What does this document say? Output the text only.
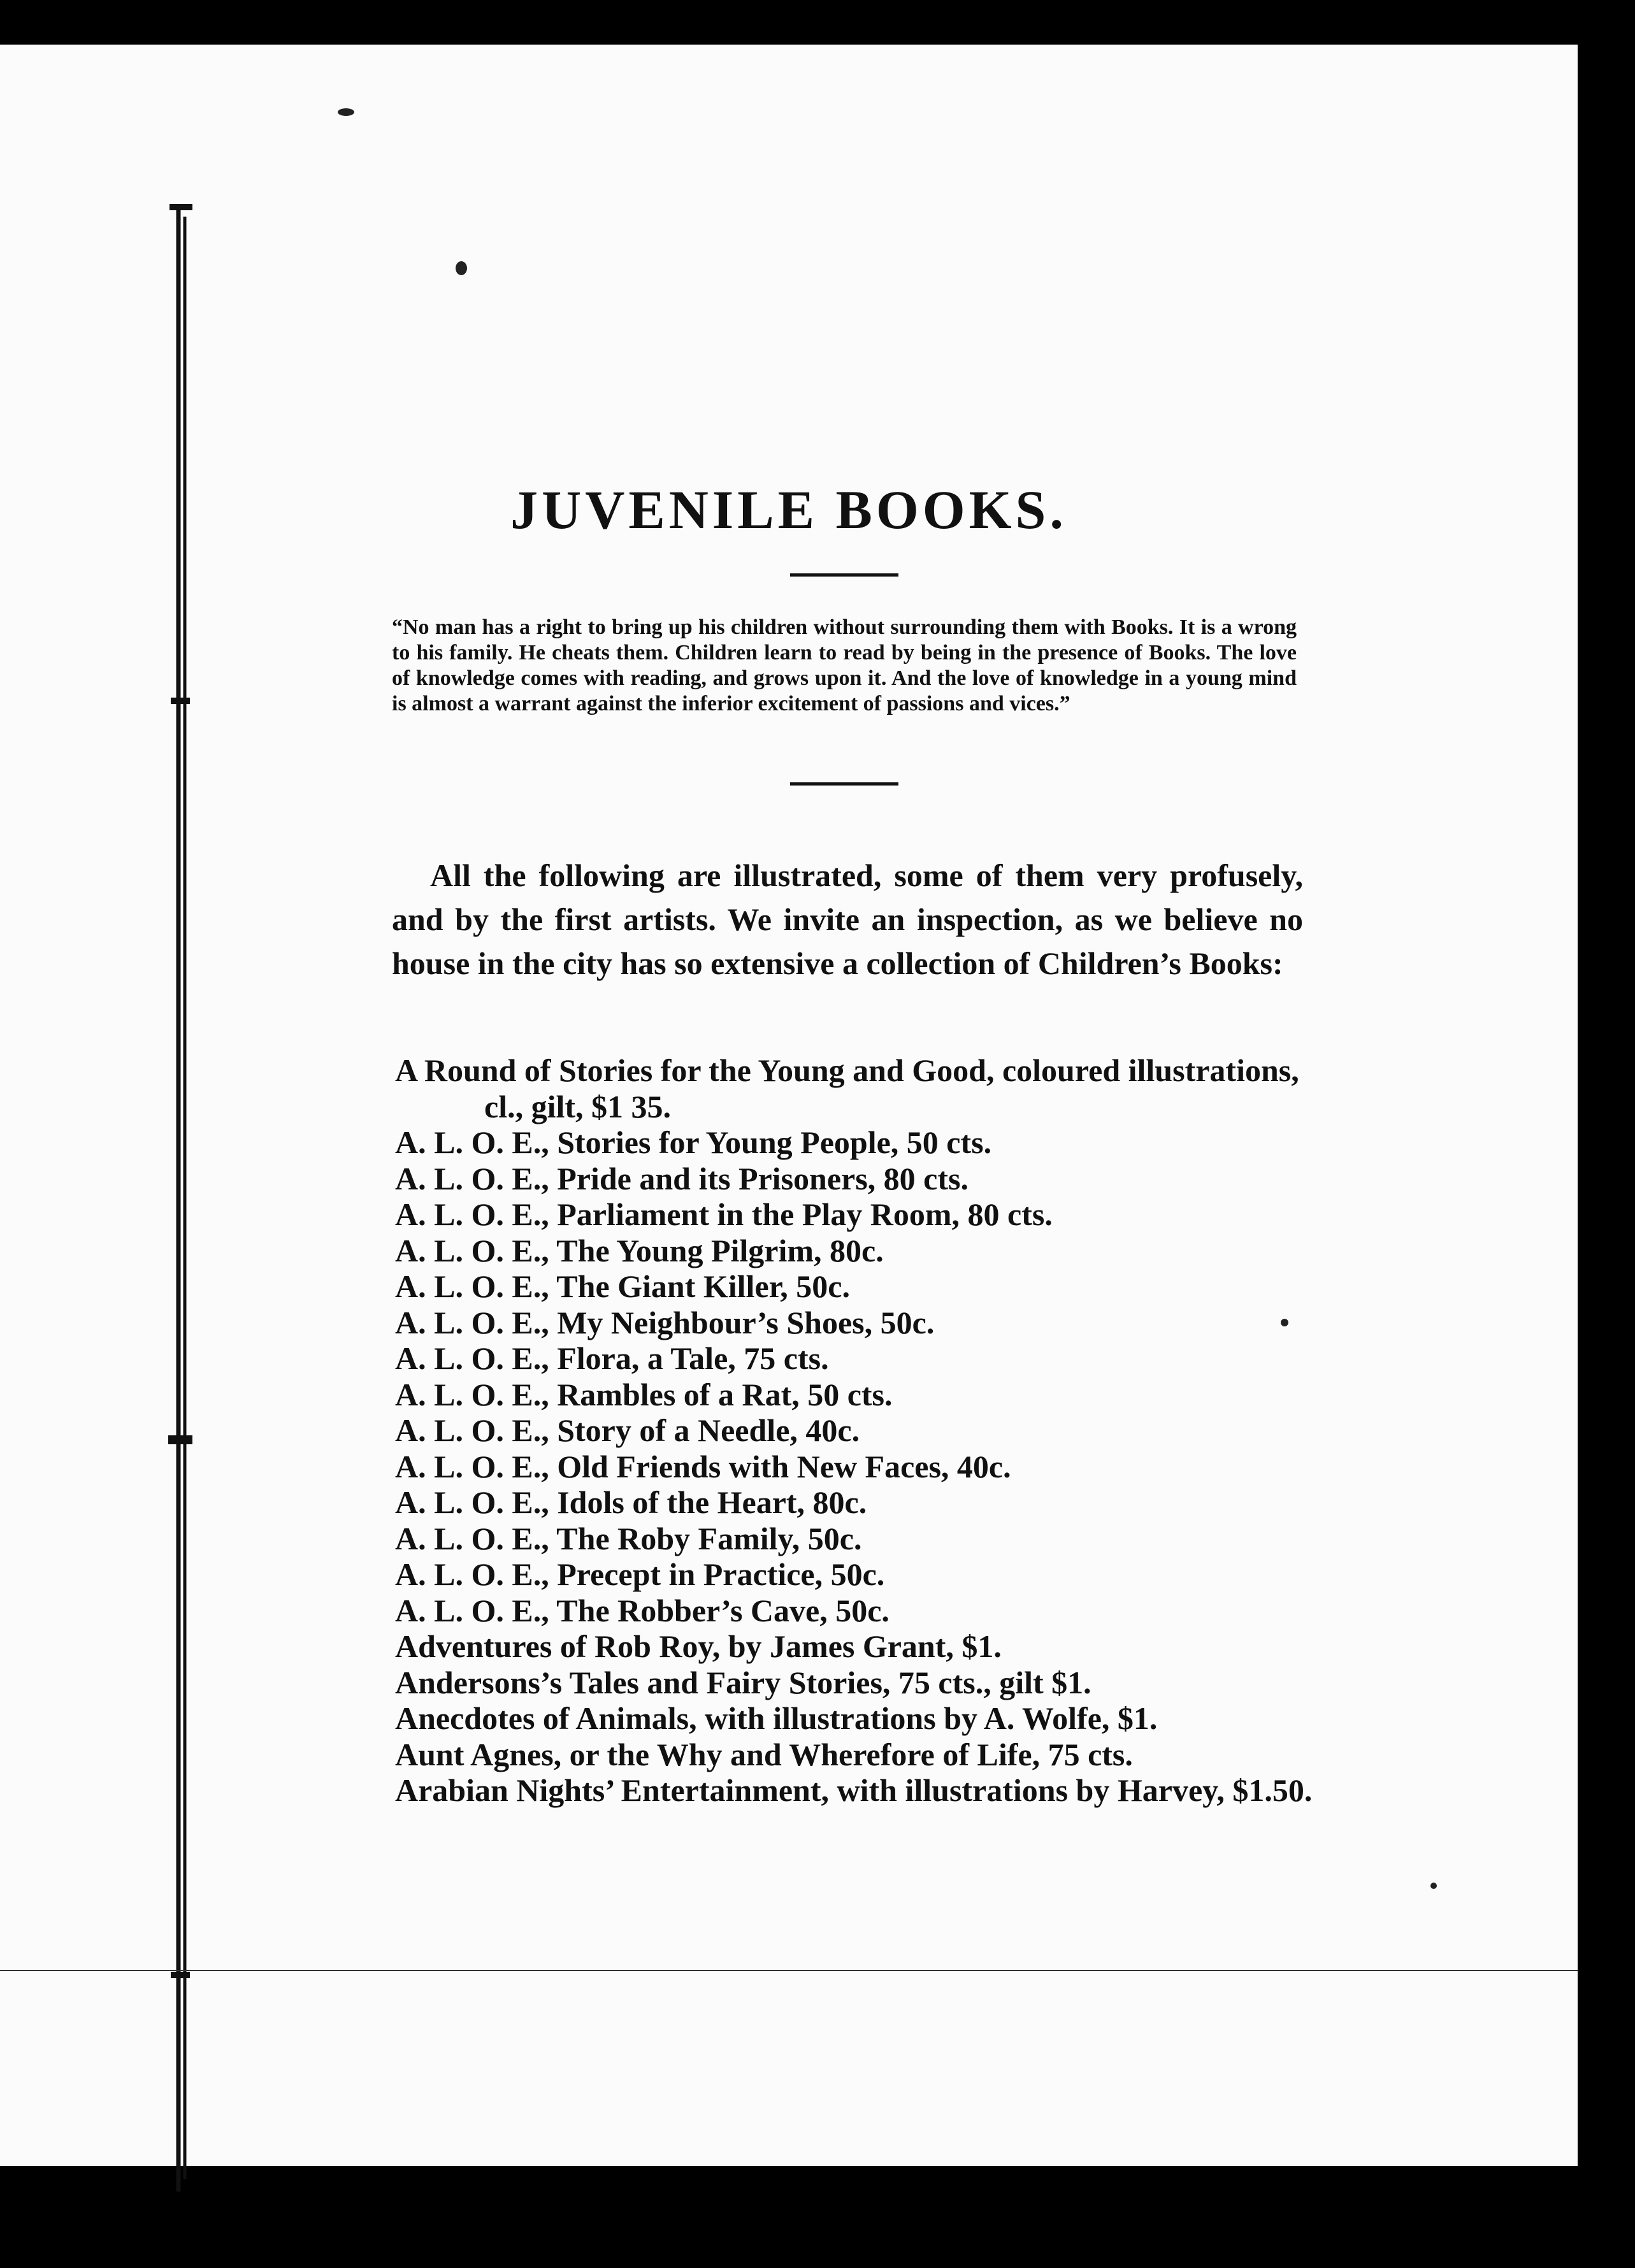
JUVENILE BOOKS.
“No man has a right to bring up his children without surrounding them with Books. It is a wrong to his family. He cheats them. Children learn to read by being in the presence of Books. The love of knowledge comes with reading, and grows upon it. And the love of knowledge in a young mind is almost a warrant against the inferior excitement of passions and vices.”
All the following are illustrated, some of them very profusely, and by the first artists. We invite an inspection, as we believe no house in the city has so extensive a collection of Children’s Books:
A Round of Stories for the Young and Good, coloured illustrations, cl., gilt, $1 35.
A. L. O. E., Stories for Young People, 50 cts.
A. L. O. E., Pride and its Prisoners, 80 cts.
A. L. O. E., Parliament in the Play Room, 80 cts.
A. L. O. E., The Young Pilgrim, 80c.
A. L. O. E., The Giant Killer, 50c.
A. L. O. E., My Neighbour’s Shoes, 50c.
A. L. O. E., Flora, a Tale, 75 cts.
A. L. O. E., Rambles of a Rat, 50 cts.
A. L. O. E., Story of a Needle, 40c.
A. L. O. E., Old Friends with New Faces, 40c.
A. L. O. E., Idols of the Heart, 80c.
A. L. O. E., The Roby Family, 50c.
A. L. O. E., Precept in Practice, 50c.
A. L. O. E., The Robber’s Cave, 50c.
Adventures of Rob Roy, by James Grant, $1.
Andersons’s Tales and Fairy Stories, 75 cts., gilt $1.
Anecdotes of Animals, with illustrations by A. Wolfe, $1.
Aunt Agnes, or the Why and Wherefore of Life, 75 cts.
Arabian Nights’ Entertainment, with illustrations by Harvey, $1.50.
